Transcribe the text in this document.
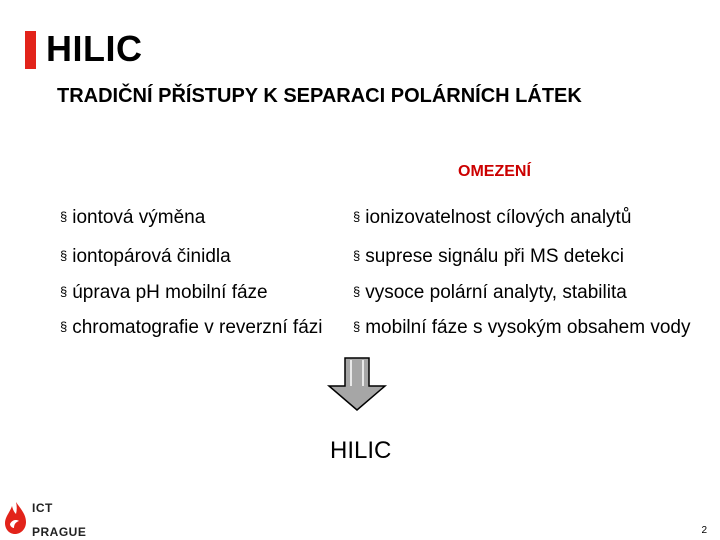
HILIC
TRADIČNÍ PŘÍSTUPY K SEPARACI POLÁRNÍCH LÁTEK
OMEZENÍ
§ iontová výměna
§ iontopárová činidla
§ úprava pH mobilní fáze
§ chromatografie v reverzní fázi
§ ionizovatelnost cílových analytů
§ suprese signálu při MS detekci
§ vysoce polární analyty, stabilita
§ mobilní fáze s vysokým obsahem vody
HILIC
ICT
PRAGUE	2
